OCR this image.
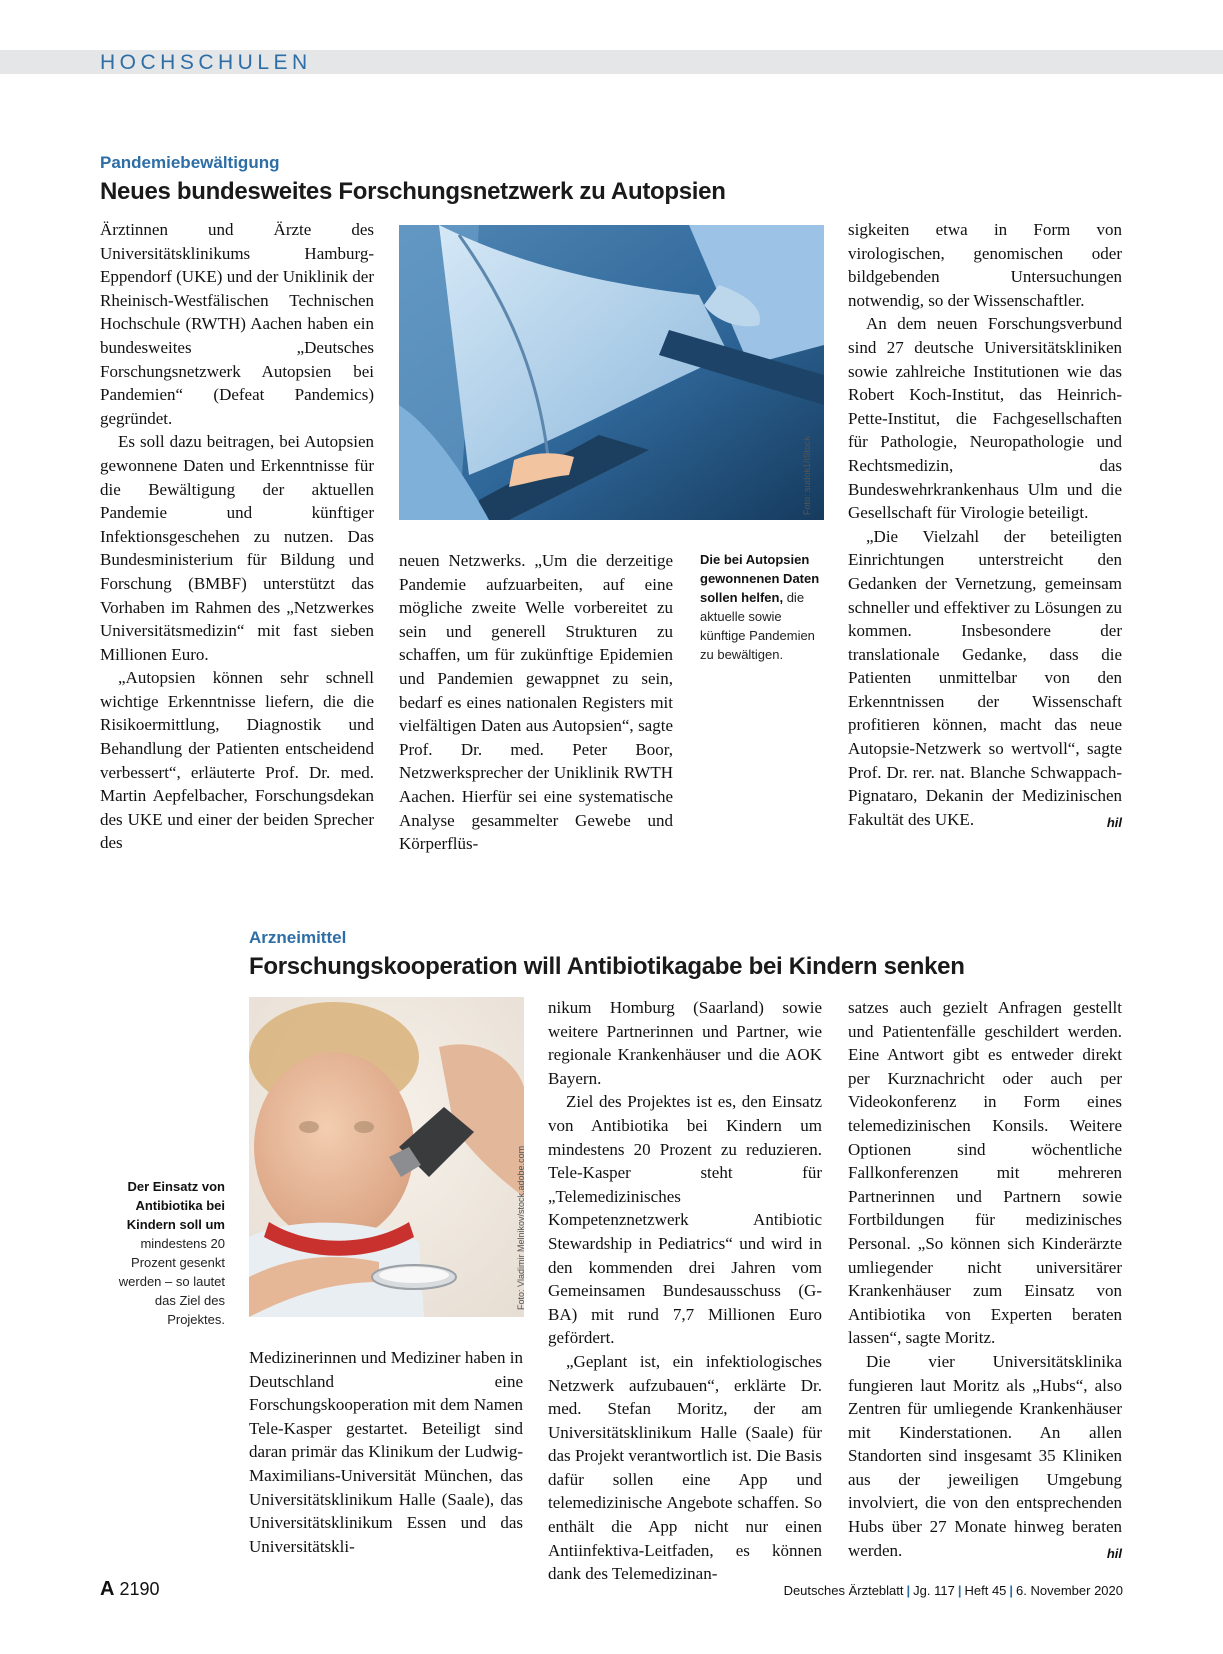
HOCHSCHULEN
Pandemiebewältigung
Neues bundesweites Forschungsnetzwerk zu Autopsien

Ärztinnen und Ärzte des Universitätsklinikums Hamburg-Eppendorf (UKE) und der Uniklinik der Rheinisch-Westfälischen Technischen Hochschule (RWTH) Aachen haben ein bundesweites „Deutsches Forschungsnetzwerk Autopsien bei Pandemien“ (Defeat Pandemics) gegründet.

Es soll dazu beitragen, bei Autopsien gewonnene Daten und Erkenntnisse für die Bewältigung der aktuellen Pandemie und künftiger Infektionsgeschehen zu nutzen. Das Bundesministerium für Bildung und Forschung (BMBF) unterstützt das Vorhaben im Rahmen des „Netzwerkes Universitätsmedizin“ mit fast sieben Millionen Euro.

„Autopsien können sehr schnell wichtige Erkenntnisse liefern, die die Risikoermittlung, Diagnostik und Behandlung der Patienten entscheidend verbessert“, erläuterte Prof. Dr. med. Martin Aepfelbacher, Forschungsdekan des UKE und einer der beiden Sprecher des

Foto: sudok1/iStock

neuen Netzwerks. „Um die derzeitige Pandemie aufzuarbeiten, auf eine mögliche zweite Welle vorbereitet zu sein und generell Strukturen zu schaffen, um für zukünftige Epidemien und Pandemien gewappnet zu sein, bedarf es eines nationalen Registers mit vielfältigen Daten aus Autopsien“, sagte Prof. Dr. med. Peter Boor, Netzwerksprecher der Uniklinik RWTH Aachen. Hierfür sei eine systematische Analyse gesammelter Gewebe und Körperflüs-

Die bei Autopsien gewonnenen Daten sollen helfen, die aktuelle sowie künftige Pandemien zu bewältigen.

sigkeiten etwa in Form von virologischen, genomischen oder bildgebenden Untersuchungen notwendig, so der Wissenschaftler.

An dem neuen Forschungsverbund sind 27 deutsche Universitätskliniken sowie zahlreiche Institutionen wie das Robert Koch-Institut, das Heinrich-Pette-Institut, die Fachgesellschaften für Pathologie, Neuropathologie und Rechtsmedizin, das Bundeswehrkrankenhaus Ulm und die Gesellschaft für Virologie beteiligt.

„Die Vielzahl der beteiligten Einrichtungen unterstreicht den Gedanken der Vernetzung, gemeinsam schneller und effektiver zu Lösungen zu kommen. Insbesondere der translationale Gedanke, dass die Patienten unmittelbar von den Erkenntnissen der Wissenschaft profitieren können, macht das neue Autopsie-Netzwerk so wertvoll“, sagte Prof. Dr. rer. nat. Blanche Schwappach-Pignataro, Dekanin der Medizinischen Fakultät des UKE.	hil

Arzneimittel
Forschungskooperation will Antibiotikagabe bei Kindern senken
Der Einsatz von Antibiotika bei Kindern soll um mindestens 20 Prozent gesenkt werden – so lautet das Ziel des Projektes.
Foto: Vladimir Melnikov/stock.adobe.com

Medizinerinnen und Mediziner haben in Deutschland eine Forschungskooperation mit dem Namen Tele-Kasper gestartet. Beteiligt sind daran primär das Klinikum der Ludwig-Maximilians-Universität München, das Universitätsklinikum Halle (Saale), das Universitätsklinikum Essen und das Universitätskli-

nikum Homburg (Saarland) sowie weitere Partnerinnen und Partner, wie regionale Krankenhäuser und die AOK Bayern.

Ziel des Projektes ist es, den Einsatz von Antibiotika bei Kindern um mindestens 20 Prozent zu reduzieren. Tele-Kasper steht für „Telemedizinisches Kompetenznetzwerk Antibiotic Stewardship in Pediatrics“ und wird in den kommenden drei Jahren vom Gemeinsamen Bundesausschuss (G-BA) mit rund 7,7 Millionen Euro gefördert.

„Geplant ist, ein infektiologisches Netzwerk aufzubauen“, erklärte Dr. med. Stefan Moritz, der am Universitätsklinikum Halle (Saale) für das Projekt verantwortlich ist. Die Basis dafür sollen eine App und telemedizinische Angebote schaffen. So enthält die App nicht nur einen Antiinfektiva-Leitfaden, es können dank des Telemedizinan-

satzes auch gezielt Anfragen gestellt und Patientenfälle geschildert werden. Eine Antwort gibt es entweder direkt per Kurznachricht oder auch per Videokonferenz in Form eines telemedizinischen Konsils. Weitere Optionen sind wöchentliche Fallkonferenzen mit mehreren Partnerinnen und Partnern sowie Fortbildungen für medizinisches Personal. „So können sich Kinderärzte umliegender nicht universitärer Krankenhäuser zum Einsatz von Antibiotika von Experten beraten lassen“, sagte Moritz.

Die vier Universitätsklinika fungieren laut Moritz als „Hubs“, also Zentren für umliegende Krankenhäuser mit Kinderstationen. An allen Standorten sind insgesamt 35 Kliniken aus der jeweiligen Umgebung involviert, die von den entsprechenden Hubs über 27 Monate hinweg beraten werden.	hil

A 2190	Deutsches Ärzteblatt | Jg. 117 | Heft 45 | 6. November 2020
